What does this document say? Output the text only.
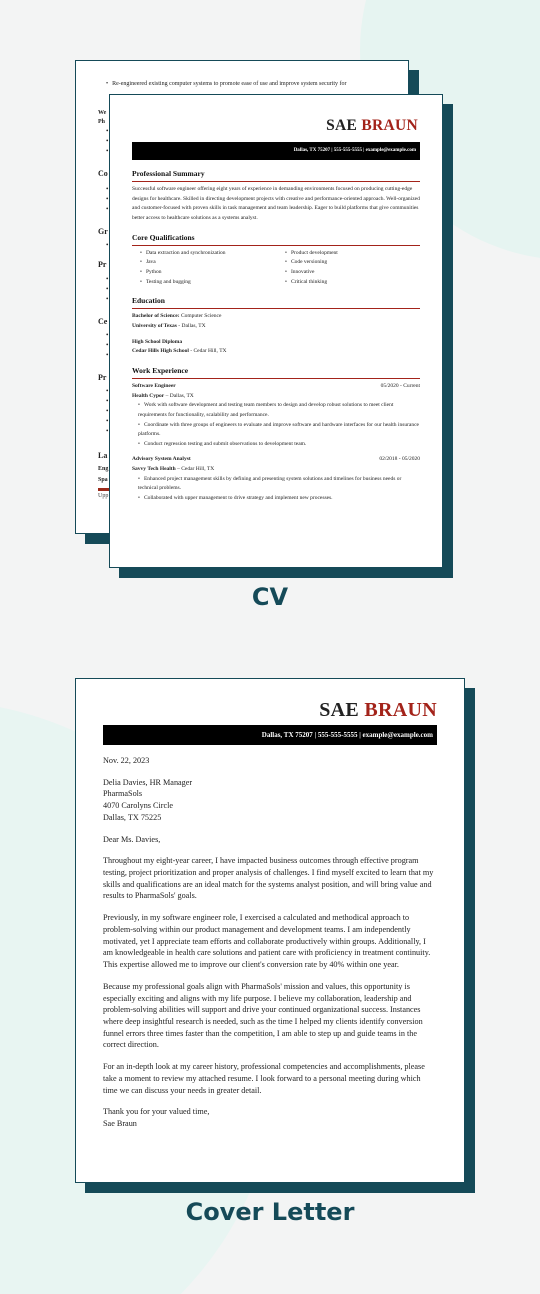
• Re-engineered existing computer systems to promote ease of use and improve system security for
We
Ph
•
•
•
Co
•
•
•
Gr
•
Pr
•
•
•
Ce
•
•
•
Pr
•
•
•
•
•
La
Eng
Spa
Upp
SAE BRAUN
Dallas, TX 75207 | 555-555-5555 | example@example.com
Professional Summary
Successful software engineer offering eight years of experience in demanding environments focused on producing cutting-edge designs for healthcare. Skilled in directing development projects with creative and performance-oriented approach. Well-organized and customer-focused with proven skills in task management and team leadership. Eager to build platforms that give communities better access to healthcare solutions as a systems analyst.
Core Qualifications
• Data extraction and synchronization	• Product development
• Java	• Code versioning
• Python	• Innovative
• Testing and bugging	• Critical thinking
Education
Bachelor of Science: Computer Science
University of Texas - Dallas, TX
High School Diploma
Cedar Hills High School - Cedar Hill, TX
Work Experience
Software Engineer	05/2020 - Current
Health Cypor – Dallas, TX
• Work with software development and testing team members to design and develop robust solutions to meet client requirements for functionality, scalability and performance.
• Coordinate with three groups of engineers to evaluate and improve software and hardware interfaces for our health insurance platforms.
• Conduct regression testing and submit observations to development team.
Advisory System Analyst	02/2018 - 05/2020
Savvy Tech Health – Cedar Hill, TX
• Enhanced project management skills by defining and presenting system solutions and timelines for business needs or technical problems.
• Collaborated with upper management to drive strategy and implement new processes.
CV
SAE BRAUN
Dallas, TX 75207 | 555-555-5555 | example@example.com

Nov. 22, 2023

Delia Davies, HR Manager
PharmaSols
4070 Carolyns Circle
Dallas, TX 75225

Dear Ms. Davies,

Throughout my eight-year career, I have impacted business outcomes through effective program testing, project prioritization and proper analysis of challenges. I find myself excited to learn that my skills and qualifications are an ideal match for the systems analyst position, and will bring value and results to PharmaSols' goals.

Previously, in my software engineer role, I exercised a calculated and methodical approach to problem-solving within our product management and development teams. I am independently motivated, yet I appreciate team efforts and collaborate productively within groups. Additionally, I am knowledgeable in health care solutions and patient care with proficiency in treatment continuity. This expertise allowed me to improve our client's conversion rate by 40% within one year.

Because my professional goals align with PharmaSols' mission and values, this opportunity is especially exciting and aligns with my life purpose. I believe my collaboration, leadership and problem-solving abilities will support and drive your continued organizational success. Instances where deep insightful research is needed, such as the time I helped my clients identify conversion funnel errors three times faster than the competition, I am able to step up and guide teams in the correct direction.

For an in-depth look at my career history, professional competencies and accomplishments, please take a moment to review my attached resume. I look forward to a personal meeting during which time we can discuss your needs in greater detail.

Thank you for your valued time,
Sae Braun
Cover Letter
